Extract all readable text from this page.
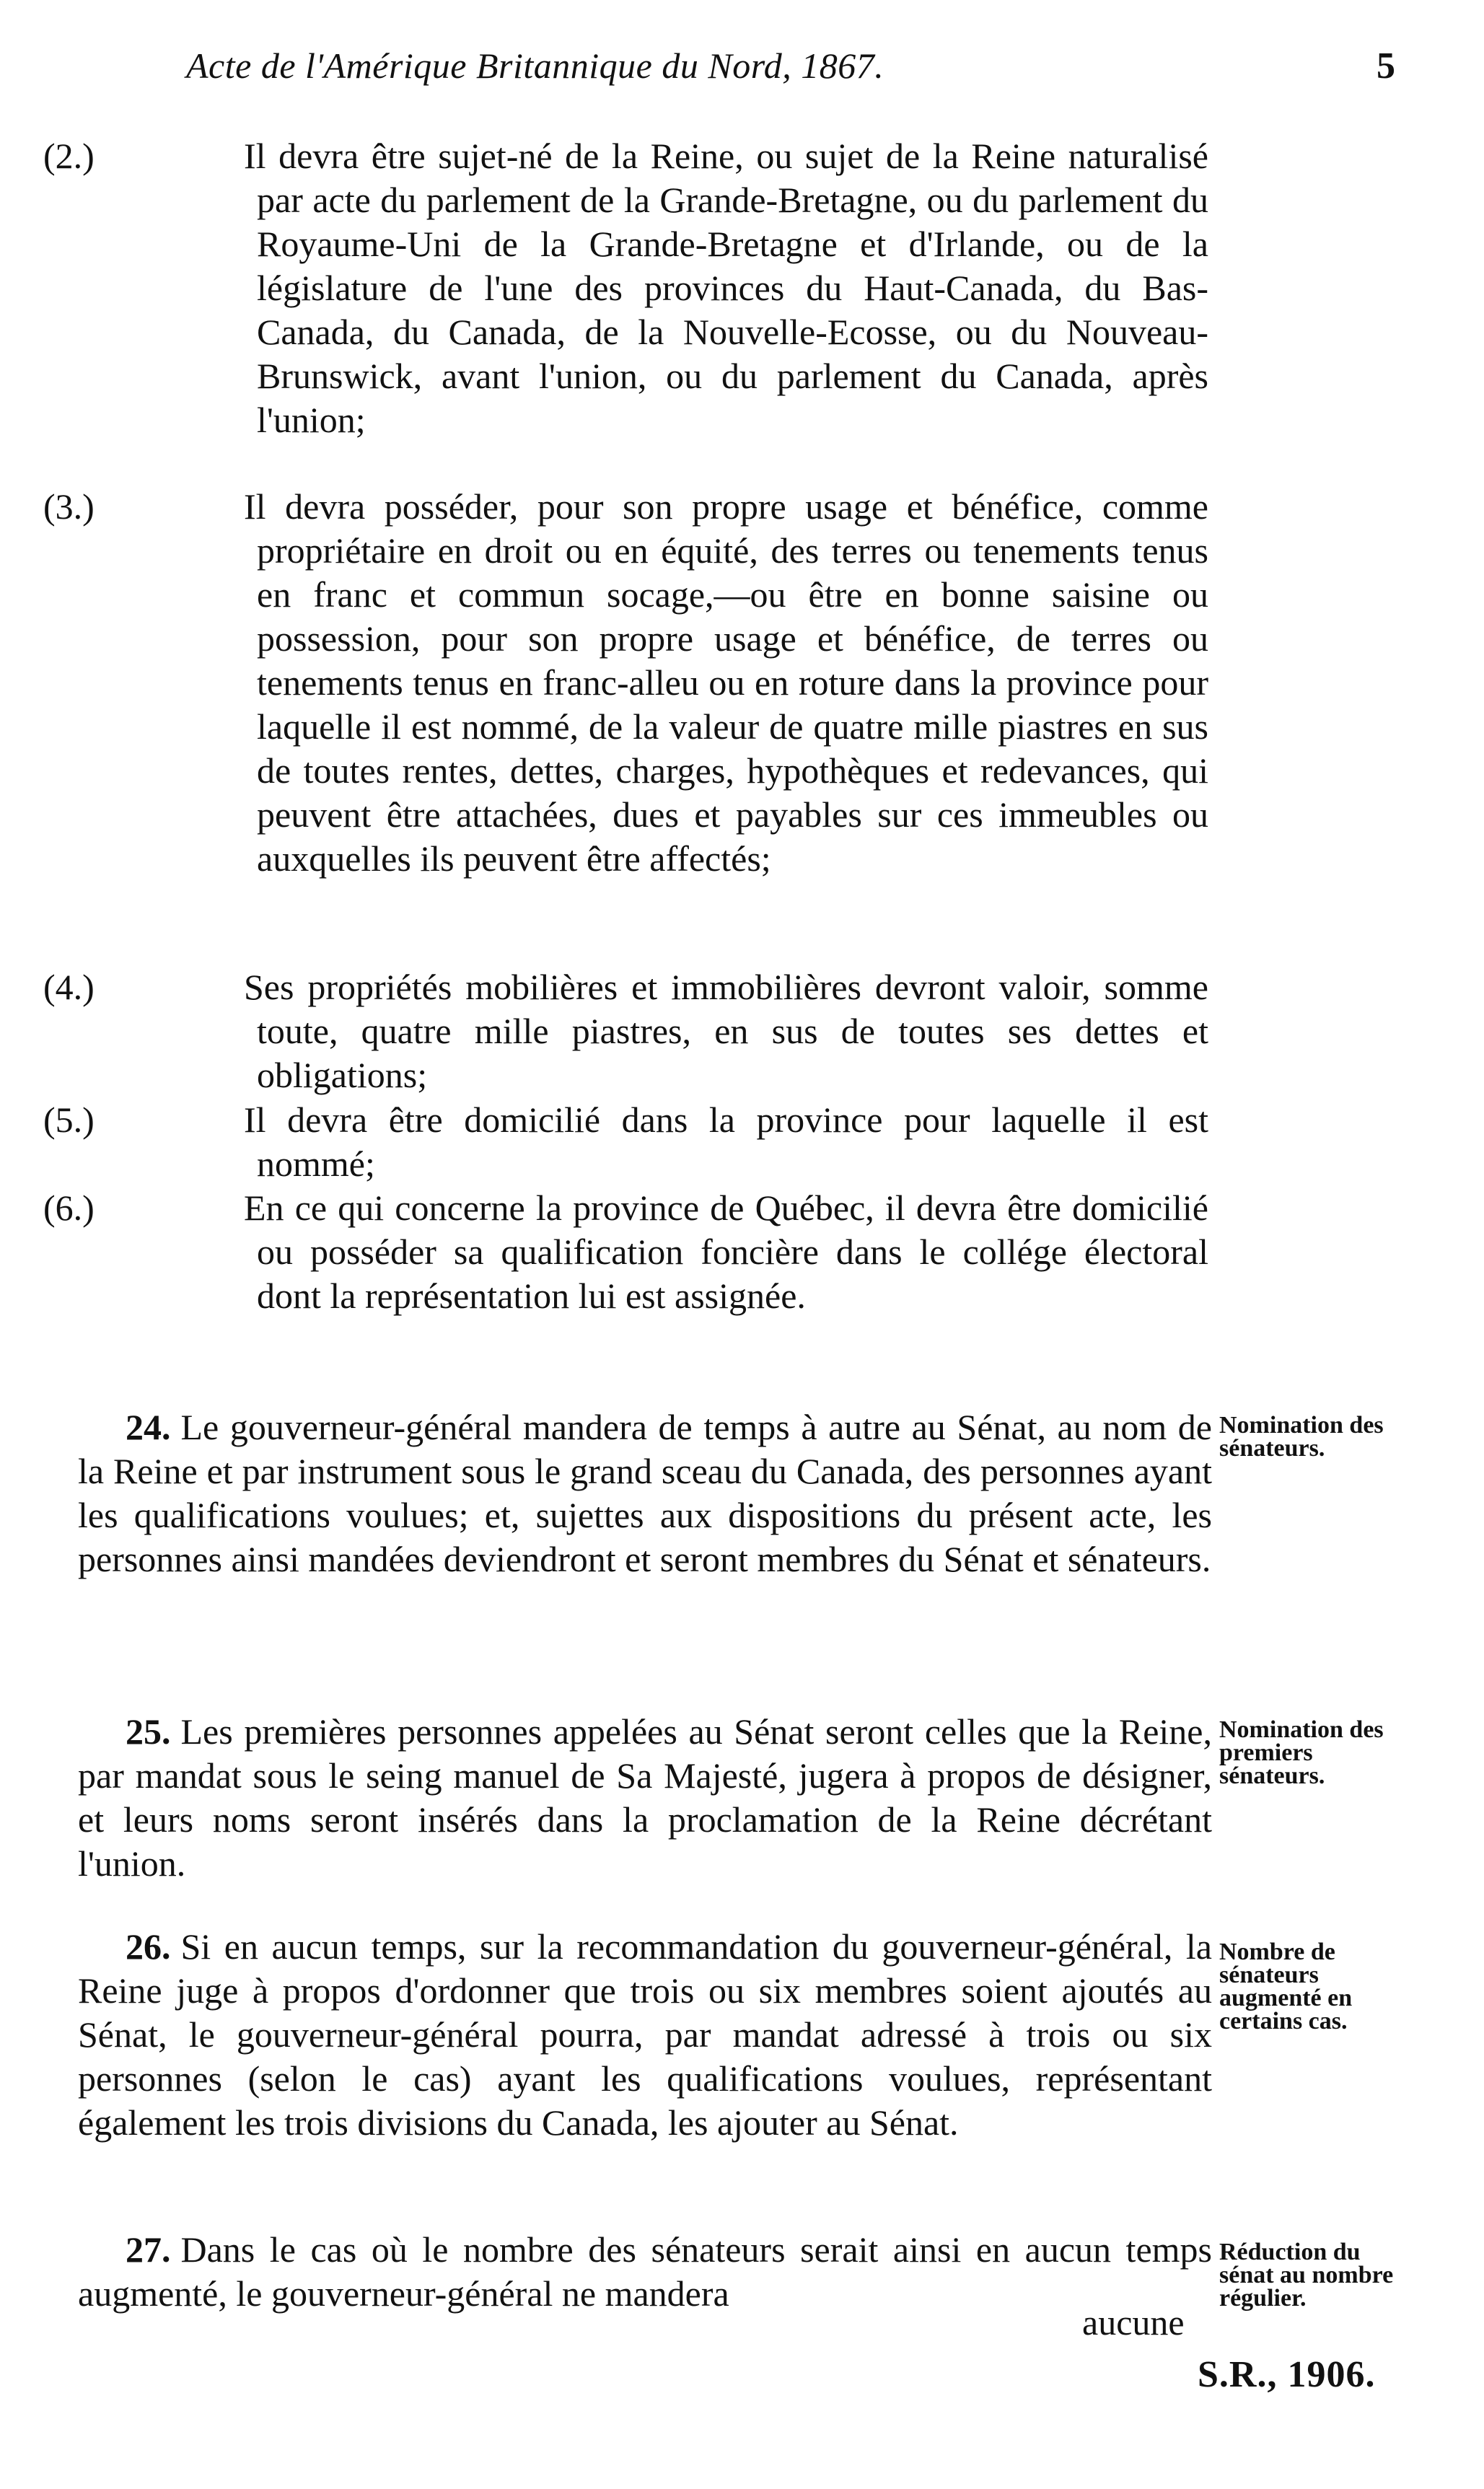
Acte de l'Amérique Britannique du Nord, 1867.	5
(2.)	Il devra être sujet-né de la Reine, ou sujet de la Reine naturalisé par acte du parlement de la Grande-Bretagne, ou du parlement du Royaume-Uni de la Grande-Bretagne et d'Irlande, ou de la législature de l'une des provinces du Haut-Canada, du Bas-Canada, du Canada, de la Nouvelle-Ecosse, ou du Nouveau-Brunswick, avant l'union, ou du parlement du Canada, après l'union;
(3.)	Il devra posséder, pour son propre usage et bénéfice, comme propriétaire en droit ou en équité, des terres ou tenements tenus en franc et commun socage,—ou être en bonne saisine ou possession, pour son propre usage et bénéfice, de terres ou tenements tenus en franc-alleu ou en roture dans la province pour laquelle il est nommé, de la valeur de quatre mille piastres en sus de toutes rentes, dettes, charges, hypothèques et redevances, qui peuvent être attachées, dues et payables sur ces immeubles ou auxquelles ils peuvent être affectés;
(4.)	Ses propriétés mobilières et immobilières devront valoir, somme toute, quatre mille piastres, en sus de toutes ses dettes et obligations;
(5.)	Il devra être domicilié dans la province pour laquelle il est nommé;
(6.)	En ce qui concerne la province de Québec, il devra être domicilié ou posséder sa qualification foncière dans le collége électoral dont la représentation lui est assignée.
24. Le gouverneur-général mandera de temps à autre au Sénat, au nom de la Reine et par instrument sous le grand sceau du Canada, des personnes ayant les qualifications voulues; et, sujettes aux dispositions du présent acte, les personnes ainsi mandées deviendront et seront membres du Sénat et sénateurs.
Nomination des sénateurs.
25. Les premières personnes appelées au Sénat seront celles que la Reine, par mandat sous le seing manuel de Sa Majesté, jugera à propos de désigner, et leurs noms seront insérés dans la proclamation de la Reine décrétant l'union.
Nomination des premiers sénateurs.
26. Si en aucun temps, sur la recommandation du gouverneur-général, la Reine juge à propos d'ordonner que trois ou six membres soient ajoutés au Sénat, le gouverneur-général pourra, par mandat adressé à trois ou six personnes (selon le cas) ayant les qualifications voulues, représentant également les trois divisions du Canada, les ajouter au Sénat.
Nombre de sénateurs augmenté en certains cas.
27. Dans le cas où le nombre des sénateurs serait ainsi en aucun temps augmenté, le gouverneur-général ne mandera
Réduction du sénat au nombre régulier.
aucune
S.R., 1906.
